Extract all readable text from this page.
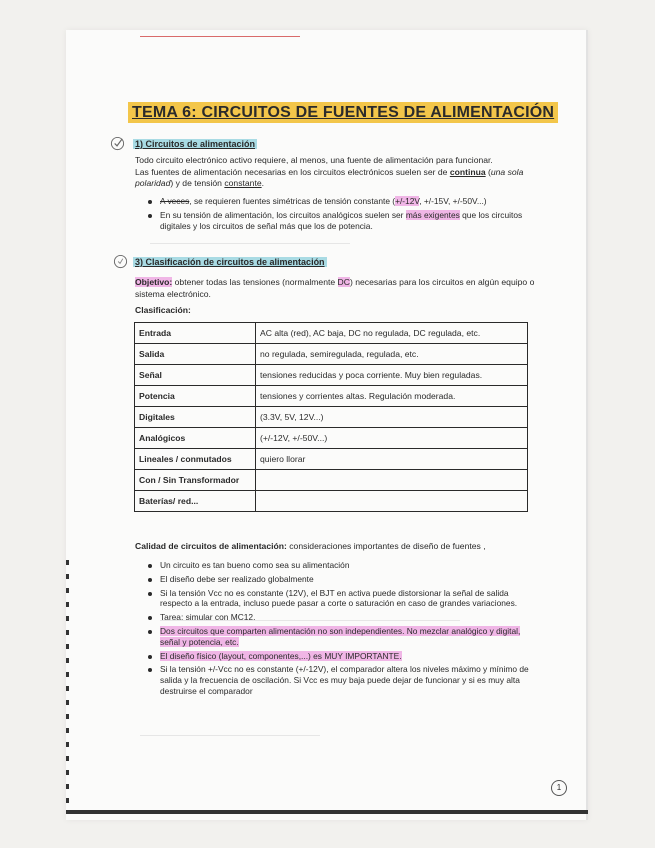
TEMA 6: CIRCUITOS DE FUENTES DE ALIMENTACIÓN
1) Circuitos de alimentación
Todo circuito electrónico activo requiere, al menos, una fuente de alimentación para funcionar.
Las fuentes de alimentación necesarias en los circuitos electrónicos suelen ser de continua (una sola polaridad) y de tensión constante.
A veces, se requieren fuentes simétricas de tensión constante (+/-12V, +/-15V, +/-50V...)
En su tensión de alimentación, los circuitos analógicos suelen ser más exigentes que los circuitos digitales y los circuitos de señal más que los de potencia.
3) Clasificación de circuitos de alimentación
Objetivo: obtener todas las tensiones (normalmente DC) necesarias para los circuitos en algún equipo o sistema electrónico.
Clasificación:
Entrada	AC alta (red), AC baja, DC no regulada, DC regulada, etc.
Salida	no regulada, semiregulada, regulada, etc.
Señal	tensiones reducidas y poca corriente. Muy bien reguladas.
Potencia	tensiones y corrientes altas. Regulación moderada.
Digitales	(3.3V, 5V, 12V...)
Analógicos	(+/-12V, +/-50V...)
Lineales / conmutados	quiero llorar
Con / Sin Transformador	
Baterías/ red...	
Calidad de circuitos de alimentación: consideraciones importantes de diseño de fuentes ,
Un circuito es tan bueno como sea su alimentación
El diseño debe ser realizado globalmente
Si la tensión Vcc no es constante (12V), el BJT en activa puede distorsionar la señal de salida respecto a la entrada, incluso puede pasar a corte o saturación en caso de grandes variaciones.
Tarea: simular con MC12.
Dos circuitos que comparten alimentación no son independientes. No mezclar analógico y digital, señal y potencia, etc.
El diseño físico (layout, componentes,...) es MUY IMPORTANTE.
Si la tensión +/-Vcc no es constante (+/-12V), el comparador altera los niveles máximo y mínimo de salida y la frecuencia de oscilación. Si Vcc es muy baja puede dejar de funcionar y si es muy alta destruirse el comparador
1
